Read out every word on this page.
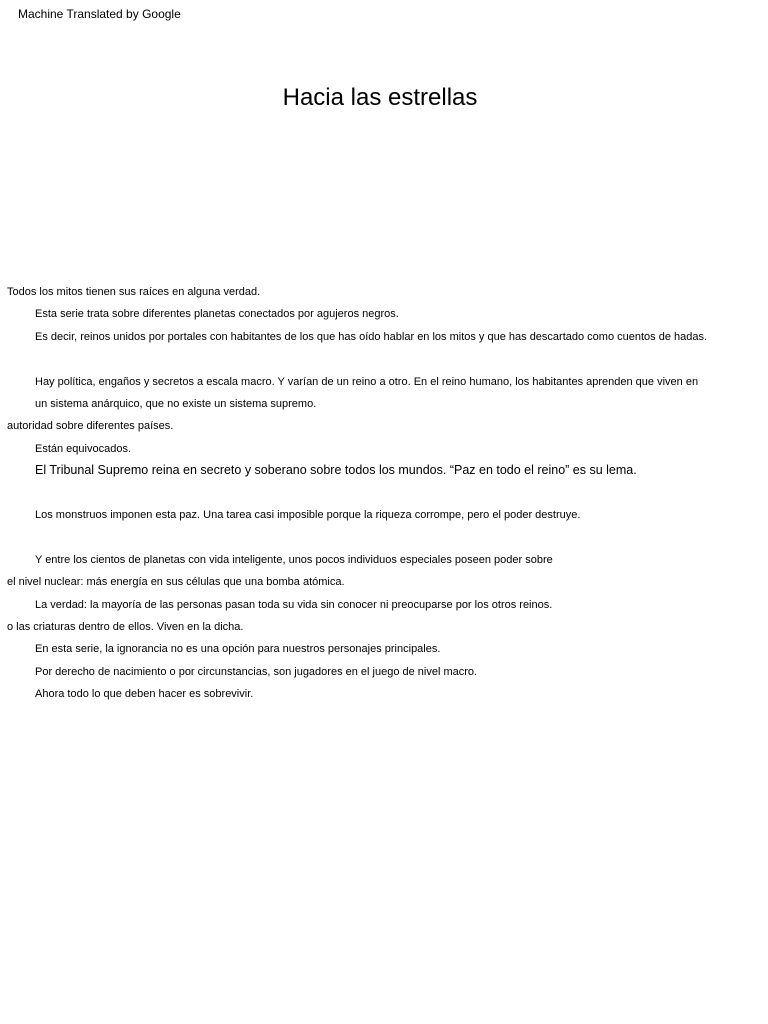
Machine Translated by Google
Hacia las estrellas
Todos los mitos tienen sus raíces en alguna verdad.
Esta serie trata sobre diferentes planetas conectados por agujeros negros.
Es decir, reinos unidos por portales con habitantes de los que has oído hablar en los mitos y que has descartado como cuentos de hadas.
Hay política, engaños y secretos a escala macro. Y varían de un reino a otro. En el reino humano, los habitantes aprenden que viven en
un sistema anárquico, que no existe un sistema supremo.
autoridad sobre diferentes países.
Están equivocados.
El Tribunal Supremo reina en secreto y soberano sobre todos los mundos. “Paz en todo el reino” es su lema.
Los monstruos imponen esta paz. Una tarea casi imposible porque la riqueza corrompe, pero el poder destruye.
Y entre los cientos de planetas con vida inteligente, unos pocos individuos especiales poseen poder sobre
el nivel nuclear: más energía en sus células que una bomba atómica.
La verdad: la mayoría de las personas pasan toda su vida sin conocer ni preocuparse por los otros reinos.
o las criaturas dentro de ellos. Viven en la dicha.
En esta serie, la ignorancia no es una opción para nuestros personajes principales.
Por derecho de nacimiento o por circunstancias, son jugadores en el juego de nivel macro.
Ahora todo lo que deben hacer es sobrevivir.
